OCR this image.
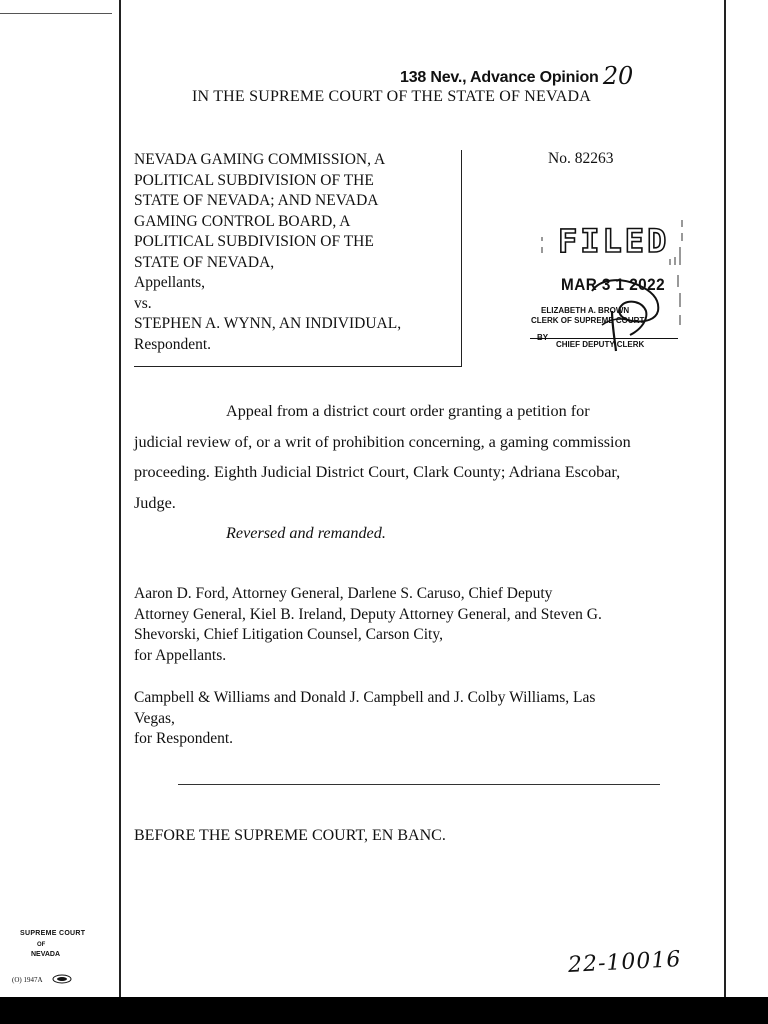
138 Nev., Advance Opinion 20
IN THE SUPREME COURT OF THE STATE OF NEVADA
NEVADA GAMING COMMISSION, A
POLITICAL SUBDIVISION OF THE
STATE OF NEVADA; AND NEVADA
GAMING CONTROL BOARD, A
POLITICAL SUBDIVISION OF THE
STATE OF NEVADA,
Appellants,
vs.
STEPHEN A. WYNN, AN INDIVIDUAL,
Respondent.
No. 82263
FILED
MAR 3 1 2022
ELIZABETH A. BROWN
CLERK OF SUPREME COURT
BY
CHIEF DEPUTY CLERK
Appeal from a district court order granting a petition for
judicial review of, or a writ of prohibition concerning, a gaming commission
proceeding. Eighth Judicial District Court, Clark County; Adriana Escobar,
Judge.
Reversed and remanded.
Aaron D. Ford, Attorney General, Darlene S. Caruso, Chief Deputy
Attorney General, Kiel B. Ireland, Deputy Attorney General, and Steven G.
Shevorski, Chief Litigation Counsel, Carson City,
for Appellants.
Campbell & Williams and Donald J. Campbell and J. Colby Williams, Las
Vegas,
for Respondent.
BEFORE THE SUPREME COURT, EN BANC.
SUPREME COURT
OF
NEVADA
(O) 1947A
22-10016
